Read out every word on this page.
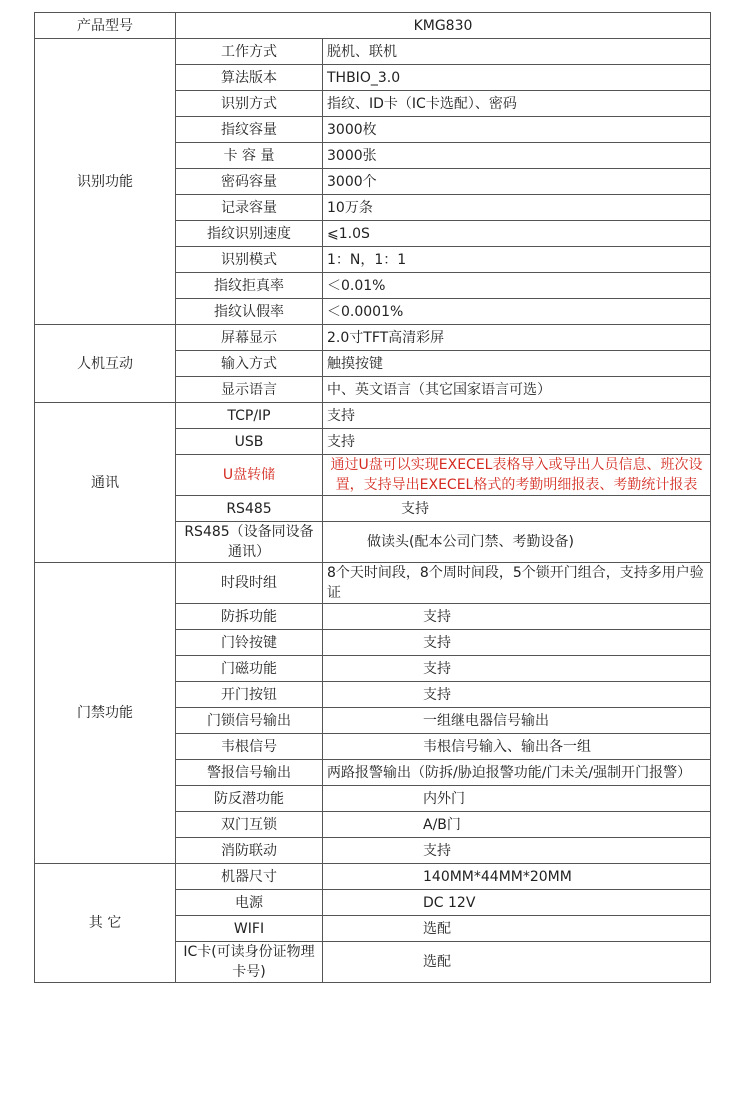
产品型号	KMG830	
识别功能	工作方式	脱机、联机
	算法版本	THBIO_3.0
	识别方式	指纹、ID卡（IC卡选配）、密码
	指纹容量	3000枚
	卡 容 量	3000张
	密码容量	3000个
	记录容量	10万条
	指纹识别速度	⩽1.0S
	识别模式	1：N，1：1
	指纹拒真率	＜0.01%
	指纹认假率	＜0.0001%
人机互动	屏幕显示	2.0寸TFT高清彩屏
	输入方式	触摸按键
	显示语言	中、英文语言（其它国家语言可选）
通讯	TCP/IP	支持
	USB	支持
	U盘转储	通过U盘可以实现EXECEL表格导入或导出人员信息、班次设置，支持导出EXECEL格式的考勤明细报表、考勤统计报表
	RS485	支持
	RS485（设备同设备通讯）	做读头(配本公司门禁、考勤设备)
门禁功能	时段时组	8个天时间段，8个周时间段，5个锁开门组合，支持多用户验证
	防拆功能	支持
	门铃按键	支持
	门磁功能	支持
	开门按钮	支持
	门锁信号输出	一组继电器信号输出
	韦根信号	韦根信号输入、输出各一组
	警报信号输出	两路报警输出（防拆/胁迫报警功能/门未关/强制开门报警）
	防反潜功能	内外门
	双门互锁	A/B门
	消防联动	支持
其 它	机器尺寸	140MM*44MM*20MM
	电源	DC 12V
	WIFI	选配
	IC卡(可读身份证物理卡号)	选配
